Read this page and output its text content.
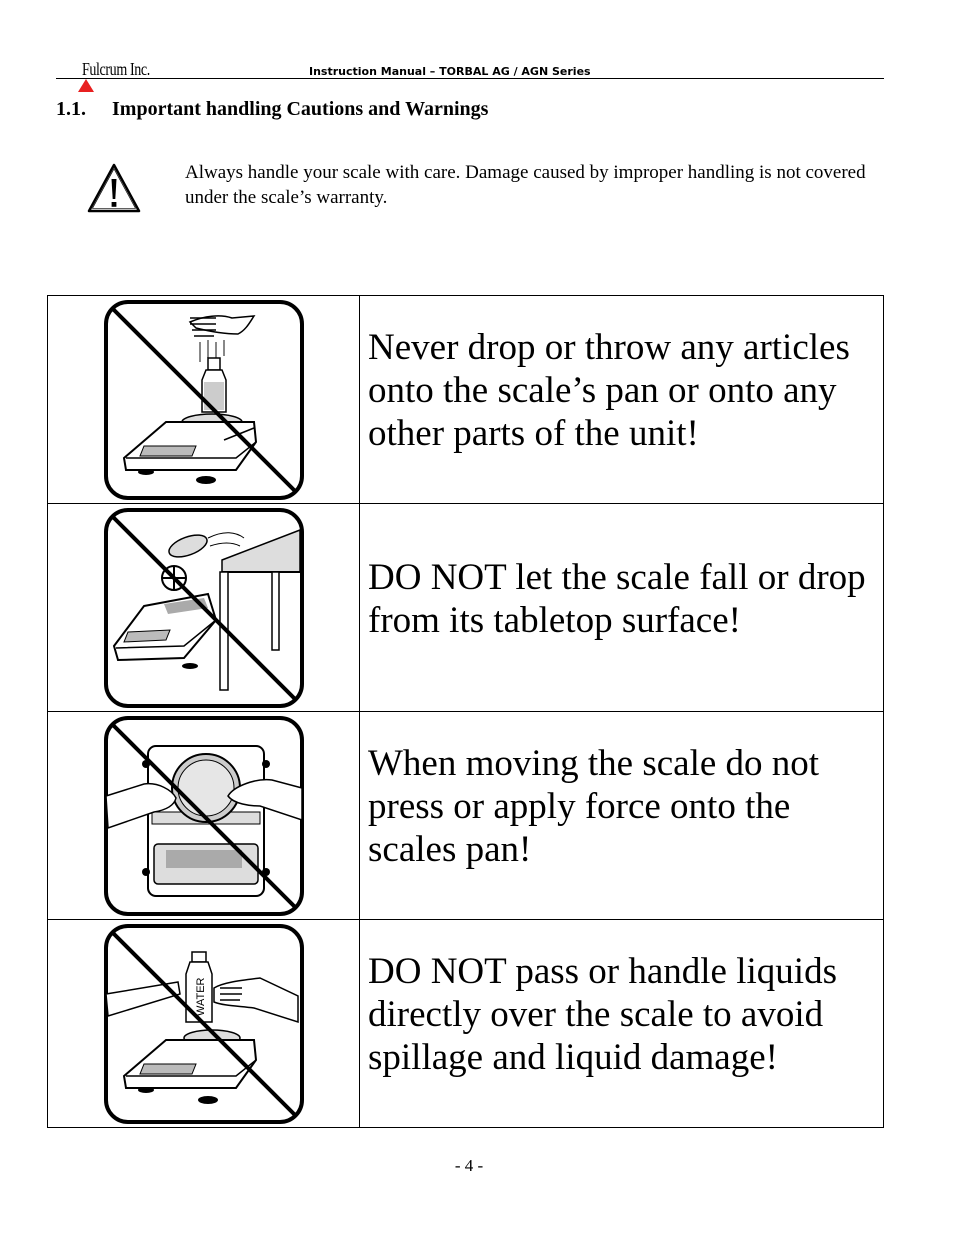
Fulcrum Inc.	Instruction Manual – TORBAL AG / AGN Series
1.1. Important handling Cautions and Warnings
Always handle your scale with care. Damage caused by improper handling is not covered under the scale’s warranty.
	Never drop or throw any articles onto the scale’s pan or onto any other parts of the unit!

	DO NOT let the scale fall or drop from its tabletop surface!

	When moving the scale do not press or apply force onto the scales pan!

WATER	DO NOT pass or handle liquids directly over the scale to avoid spillage and liquid damage!
- 4 -
